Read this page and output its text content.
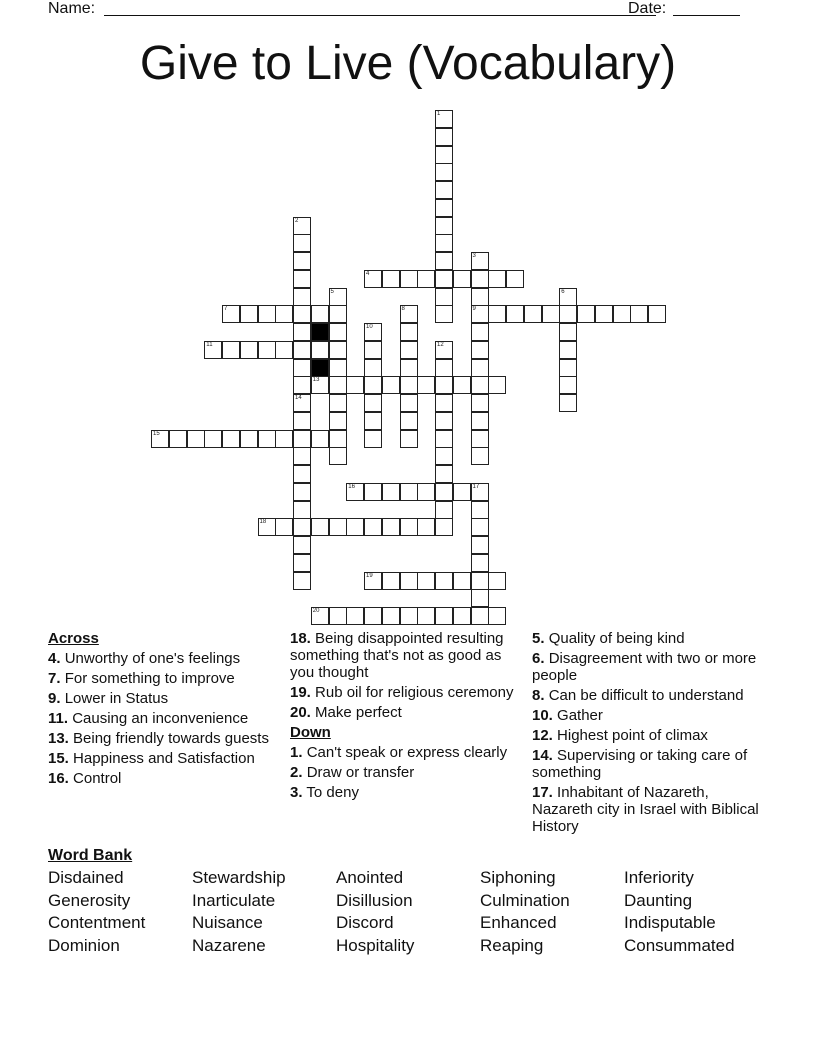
Name:	Date:
Give to Live (Vocabulary)
1
2
3
9
4
5	6
7	8
10
11	12
13
14
15
16	17
18
19
20
Across
4. Unworthy of one's feelings
7. For something to improve
9. Lower in Status
11. Causing an inconvenience
13. Being friendly towards guests
15. Happiness and Satisfaction
16. Control
18. Being disappointed resulting something that's not as good as you thought
19. Rub oil for religious ceremony
20. Make perfect
Down
1. Can't speak or express clearly
2. Draw or transfer
3. To deny
5. Quality of being kind
6. Disagreement with two or more people
8. Can be difficult to understand
10. Gather
12. Highest point of climax
14. Supervising or taking care of something
17. Inhabitant of Nazareth, Nazareth city in Israel with Biblical History
Word Bank
Disdained	Stewardship	Anointed	Siphoning	Inferiority
Generosity	Inarticulate	Disillusion	Culmination	Daunting
Contentment	Nuisance	Discord	Enhanced	Indisputable
Dominion	Nazarene	Hospitality	Reaping	Consummated
